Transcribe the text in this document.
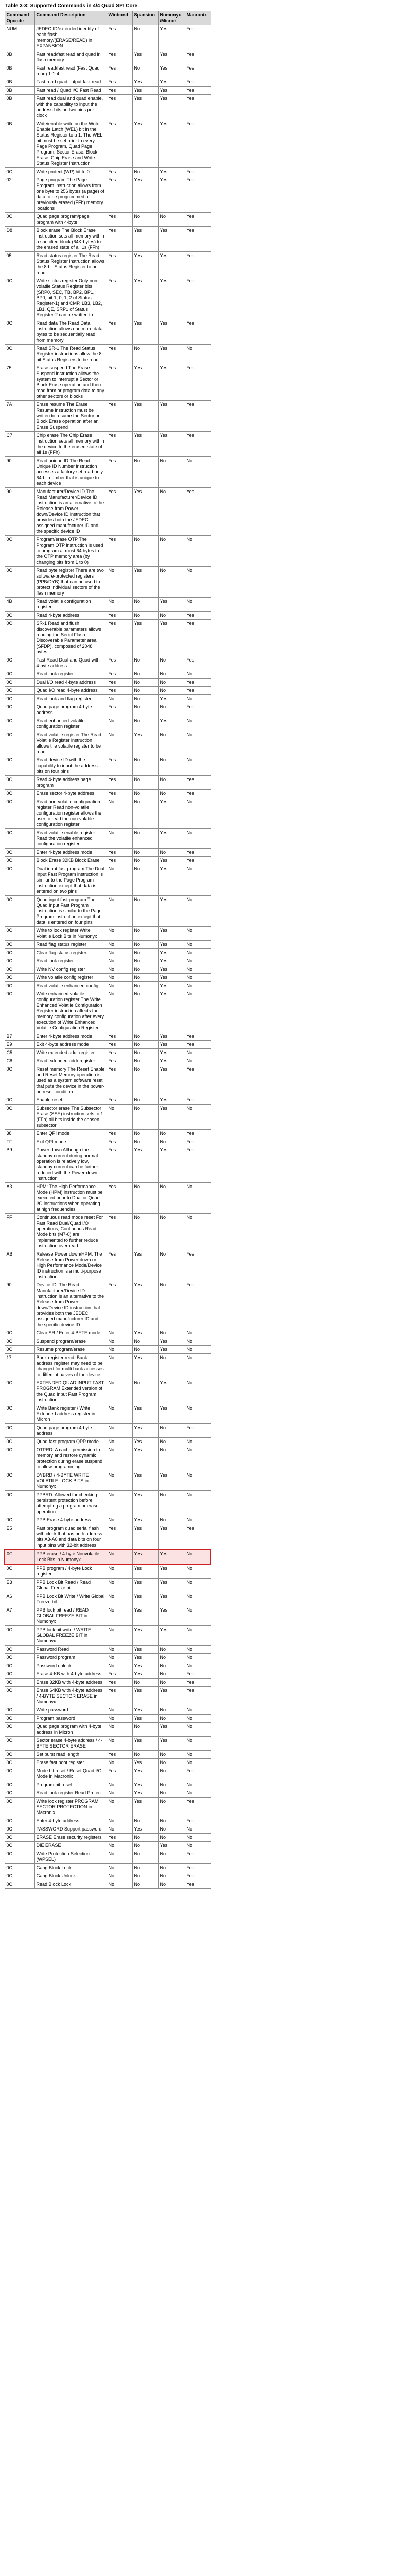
Table 3-3: Supported Commands in 4/4 Quad SPI Core
Command Opcode	Command Description	Winbond	Spansion	Numonyx /Micron	Macronix
NUM	JEDEC ID/extended identify of each flash memory/(ERASE/READ) in EXPANSION	Yes	No	Yes	Yes
0B	Fast read/fast read and quad in flash memory	Yes	Yes	Yes	Yes
0B	Fast read/fast read (Fast Quad read) 1-1-4	Yes	No	Yes	Yes
0B	Fast read quad output fast read	Yes	Yes	Yes	Yes
0B	Fast read / Quad I/O Fast Read	Yes	Yes	Yes	Yes
0B	Fast read dual and quad enable, with the capability to input the address bits on two pins per clock	Yes	Yes	Yes	Yes
0B	Write/enable write on the Write Enable Latch (WEL) bit in the Status Register to a 1. The WEL bit must be set prior to every Page Program, Quad Page Program, Sector Erase, Block Erase, Chip Erase and Write Status Register instruction	Yes	Yes	Yes	Yes
0C	Write protect (WP) bit to 0	Yes	No	Yes	Yes
02	Page program The Page Program instruction allows from one byte to 256 bytes (a page) of data to be programmed at previously erased (FFh) memory locations	Yes	Yes	Yes	Yes
0C	Quad page program/page program with 4-byte	Yes	No	No	Yes
D8	Block erase The Block Erase instruction sets all memory within a specified block (64K-bytes) to the erased state of all 1s (FFh)	Yes	Yes	Yes	Yes
05	Read status register The Read Status Register instruction allows the 8-bit Status Register to be read	Yes	Yes	Yes	Yes
0C	Write status register Only non-volatile Status Register bits (SRP0, SEC, TB, BP2, BP1, BP0, bit 1, 0, 1, 2 of Status Register-1) and CMP, LB3, LB2, LB1, QE, SRP1 of Status Register-2 can be written to	Yes	Yes	Yes	Yes
0C	Read data The Read Data instruction allows one more data bytes to be sequentially read from memory	Yes	Yes	Yes	Yes
0C	Read SR-1 The Read Status Register instructions allow the 8-bit Status Registers to be read	Yes	No	Yes	No
75	Erase suspend The Erase Suspend instruction allows the system to interrupt a Sector or Block Erase operation and then read from or program data to any other sectors or blocks	Yes	Yes	Yes	Yes
7A	Erase resume The Erase Resume instruction must be written to resume the Sector or Block Erase operation after an Erase Suspend	Yes	Yes	Yes	Yes
C7	Chip erase The Chip Erase instruction sets all memory within the device to the erased state of all 1s (FFh)	Yes	Yes	Yes	Yes
90	Read unique ID The Read Unique ID Number instruction accesses a factory-set read-only 64-bit number that is unique to each device	Yes	No	No	No
90	Manufacturer/Device ID The Read Manufacturer/Device ID instruction is an alternative to the Release from Power-down/Device ID instruction that provides both the JEDEC assigned manufacturer ID and the specific device ID	Yes	Yes	No	Yes
0C	Program/erase OTP The Program OTP instruction is used to program at most 64 bytes to the OTP memory area (by changing bits from 1 to 0)	Yes	No	No	No
0C	Read byte register There are two software-protected registers (PPB/DYB) that can be used to protect individual sectors of the flash memory	No	Yes	No	No
4B	Read volatile configuration register	No	No	Yes	No
0C	Read 4-byte address	Yes	No	No	Yes
0C	SR-1 Read and flush discoverable parameters allows reading the Serial Flash Discoverable Parameter area (SFDP), composed of 2048 bytes	Yes	Yes	Yes	Yes
0C	Fast Read Dual and Quad with 4-byte address	Yes	No	No	Yes
0C	Read lock register	Yes	No	No	No
0C	Dual I/O read 4-byte address	Yes	No	No	Yes
0C	Quad I/O read 4-byte address	Yes	No	No	Yes
0C	Read lock and flag register	No	No	Yes	No
0C	Quad page program 4-byte address	Yes	No	No	Yes
0C	Read enhanced volatile configuration register	No	No	Yes	No
0C	Read volatile register The Read Volatile Register instruction allows the volatile register to be read	No	Yes	No	No
0C	Read device ID with the capability to input the address bits on four pins	Yes	No	No	No
0C	Read 4-byte address page program	Yes	No	No	Yes
0C	Erase sector 4-byte address	Yes	No	No	Yes
0C	Read non-volatile configuration register Read non-volatile configuration register allows the user to read the non-volatile configuration register	No	No	Yes	No
0C	Read volatile enable register Read the volatile enhanced configuration register	No	No	Yes	No
0C	Enter 4-byte address mode	Yes	No	No	Yes
0C	Block Erase 32KB Block Erase	Yes	No	Yes	Yes
0C	Dual input fast program The Dual Input Fast Program instruction is similar to the Page Program instruction except that data is entered on two pins	No	No	Yes	No
0C	Quad input fast program The Quad Input Fast Program instruction is similar to the Page Program instruction except that data is entered on four pins	No	No	Yes	No
0C	Write to lock register Write Volatile Lock Bits in Numonyx	No	No	Yes	No
0C	Read flag status register	No	No	Yes	No
0C	Clear flag status register	No	No	Yes	No
0C	Read lock register	No	No	Yes	No
0C	Write NV config register	No	No	Yes	No
0C	Write volatile config register	No	No	Yes	No
0C	Read volatile enhanced config	No	No	Yes	No
0C	Write enhanced volatile configuration register The Write Enhanced Volatile Configuration Register instruction affects the memory configuration after every execution of Write Enhanced Volatile Configuration Register	No	No	Yes	No
B7	Enter 4-byte address mode	Yes	No	Yes	Yes
E9	Exit 4-byte address mode	Yes	No	Yes	Yes
C5	Write extended addr register	Yes	No	Yes	No
C8	Read extended addr register	Yes	No	Yes	No
0C	Reset memory The Reset Enable and Reset Memory operation is used as a system software reset that puts the device in the power-on reset condition	Yes	No	Yes	Yes
0C	Enable reset	Yes	No	Yes	Yes
0C	Subsector erase The Subsector Erase (SSE) instruction sets to 1 (FFh) all bits inside the chosen subsector	No	No	Yes	No
38	Enter QPI mode	Yes	No	No	Yes
FF	Exit QPI mode	Yes	No	No	Yes
B9	Power down Although the standby current during normal operation is relatively low, standby current can be further reduced with the Power-down instruction	Yes	Yes	Yes	Yes
A3	HPM: The High Performance Mode (HPM) instruction must be executed prior to Dual or Quad I/O instructions when operating at high frequencies	Yes	No	No	No
FF	Continuous read mode reset For Fast Read Dual/Quad I/O operations, Continuous Read Mode bits (M7-0) are implemented to further reduce instruction overhead	Yes	No	No	No
AB	Release Power down/HPM: The Release from Power-down or High Performance Mode/Device ID instruction is a multi-purpose instruction	Yes	Yes	No	Yes
90	Device ID: The Read Manufacturer/Device ID instruction is an alternative to the Release from Power-down/Device ID instruction that provides both the JEDEC assigned manufacturer ID and the specific device ID	Yes	Yes	No	Yes
0C	Clear SR / Enter 4-BYTE mode	No	Yes	No	No
0C	Suspend program/erase	No	No	Yes	No
0C	Resume program/erase	No	No	Yes	No
17	Bank register read: Bank address register may need to be changed for multi bank accesses to different halves of the device	No	Yes	No	No
0C	EXTENDED QUAD INPUT FAST PROGRAM Extended version of the Quad Input Fast Program instruction	No	No	Yes	No
0C	Write Bank register / Write Extended address register in Micron	No	Yes	Yes	No
0C	Quad page program 4-byte address	No	Yes	No	Yes
0C	Quad fast program QPP mode	No	Yes	No	No
0C	OTPRD: A cache permission to memory and restore dynamic protection during erase suspend to allow programming	No	Yes	No	No
0C	DYBRD / 4-BYTE WRITE VOLATILE LOCK BITS in Numonyx	No	Yes	Yes	No
0C	PPBRD: Allowed for checking persistent protection before attempting a program or erase operation	No	Yes	No	No
0C	PPB Erase 4-byte address	No	Yes	No	No
E5	Fast program quad serial flash with clock that has both address bits A3-A0 and data bits on four input pins with 32-bit address	Yes	Yes	Yes	Yes
0C	PPB erase / 4-byte Nonvolatile Lock Bits in Numonyx	No	Yes	Yes	No
0C	PPB program / 4-byte Lock register	No	Yes	Yes	No
E3	PPB Lock Bit Read / Read Global Freeze bit	No	Yes	Yes	No
A6	PPB Lock Bit Write / Write Global Freeze bit	No	Yes	Yes	No
A7	PPB lock bit read / READ GLOBAL FREEZE BIT in Numonyx	No	Yes	Yes	No
0C	PPB lock bit write / WRITE GLOBAL FREEZE BIT in Numonyx	No	Yes	Yes	No
0C	Password Read	No	Yes	No	No
0C	Password program	No	Yes	No	No
0C	Password unlock	No	Yes	No	No
0C	Erase 4-KB with 4-byte address	Yes	Yes	No	Yes
0C	Erase 32KB with 4-byte address	Yes	No	No	Yes
0C	Erase 64KB with 4-byte address / 4-BYTE SECTOR ERASE in Numonyx	Yes	Yes	Yes	Yes
0C	Write password	No	Yes	No	No
0C	Program password	No	Yes	No	No
0C	Quad page program with 4-byte address in Micron	No	No	Yes	No
0C	Sector erase 4-byte address / 4-BYTE SECTOR ERASE	No	Yes	Yes	No
0C	Set burst read length	Yes	No	No	No
0C	Erase fast boot register	No	Yes	No	No
0C	Mode bit reset / Reset Quad I/O Mode in Macronix	Yes	Yes	No	Yes
0C	Program bit reset	No	Yes	No	No
0C	Read lock register Read Protect	No	Yes	No	No
0C	Write lock register PROGRAM SECTOR PROTECTION in Macronix	No	Yes	No	Yes
0C	Enter 4-byte address	No	No	No	Yes
0C	PASSWORD Support password	No	Yes	No	No
0C	ERASE Erase security registers	Yes	No	No	No
0C	DIE ERASE	No	No	Yes	No
0C	Write Protection Selection (WPSEL)	No	No	No	Yes
0C	Gang Block Lock	No	No	No	Yes
0C	Gang Block Unlock	No	No	No	Yes
0C	Read Block Lock	No	No	No	Yes
